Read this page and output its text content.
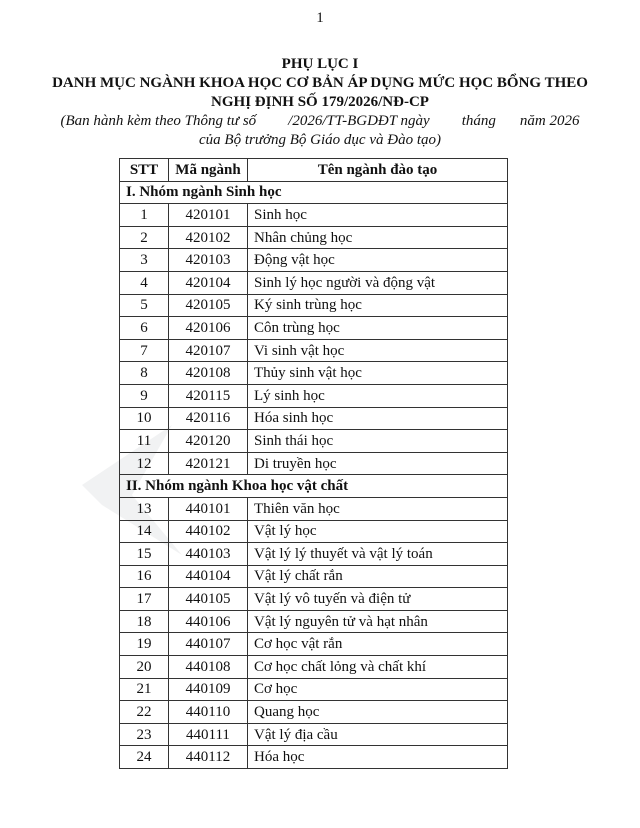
1
PHỤ LỤC I
DANH MỤC NGÀNH KHOA HỌC CƠ BẢN ÁP DỤNG MỨC HỌC BỔNG THEO
NGHỊ ĐỊNH SỐ 179/2026/NĐ-CP
(Ban hành kèm theo Thông tư số /2026/TT-BGDĐT ngày tháng năm 2026
của Bộ trưởng Bộ Giáo dục và Đào tạo)
STT	Mã ngành	Tên ngành đào tạo
I. Nhóm ngành Sinh học		
1	420101	Sinh học
2	420102	Nhân chủng học
3	420103	Động vật học
4	420104	Sinh lý học người và động vật
5	420105	Ký sinh trùng học
6	420106	Côn trùng học
7	420107	Vi sinh vật học
8	420108	Thủy sinh vật học
9	420115	Lý sinh học
10	420116	Hóa sinh học
11	420120	Sinh thái học
12	420121	Di truyền học
II. Nhóm ngành Khoa học vật chất		
13	440101	Thiên văn học
14	440102	Vật lý học
15	440103	Vật lý lý thuyết và vật lý toán
16	440104	Vật lý chất rắn
17	440105	Vật lý vô tuyến và điện tử
18	440106	Vật lý nguyên tử và hạt nhân
19	440107	Cơ học vật rắn
20	440108	Cơ học chất lỏng và chất khí
21	440109	Cơ học
22	440110	Quang học
23	440111	Vật lý địa cầu
24	440112	Hóa học
